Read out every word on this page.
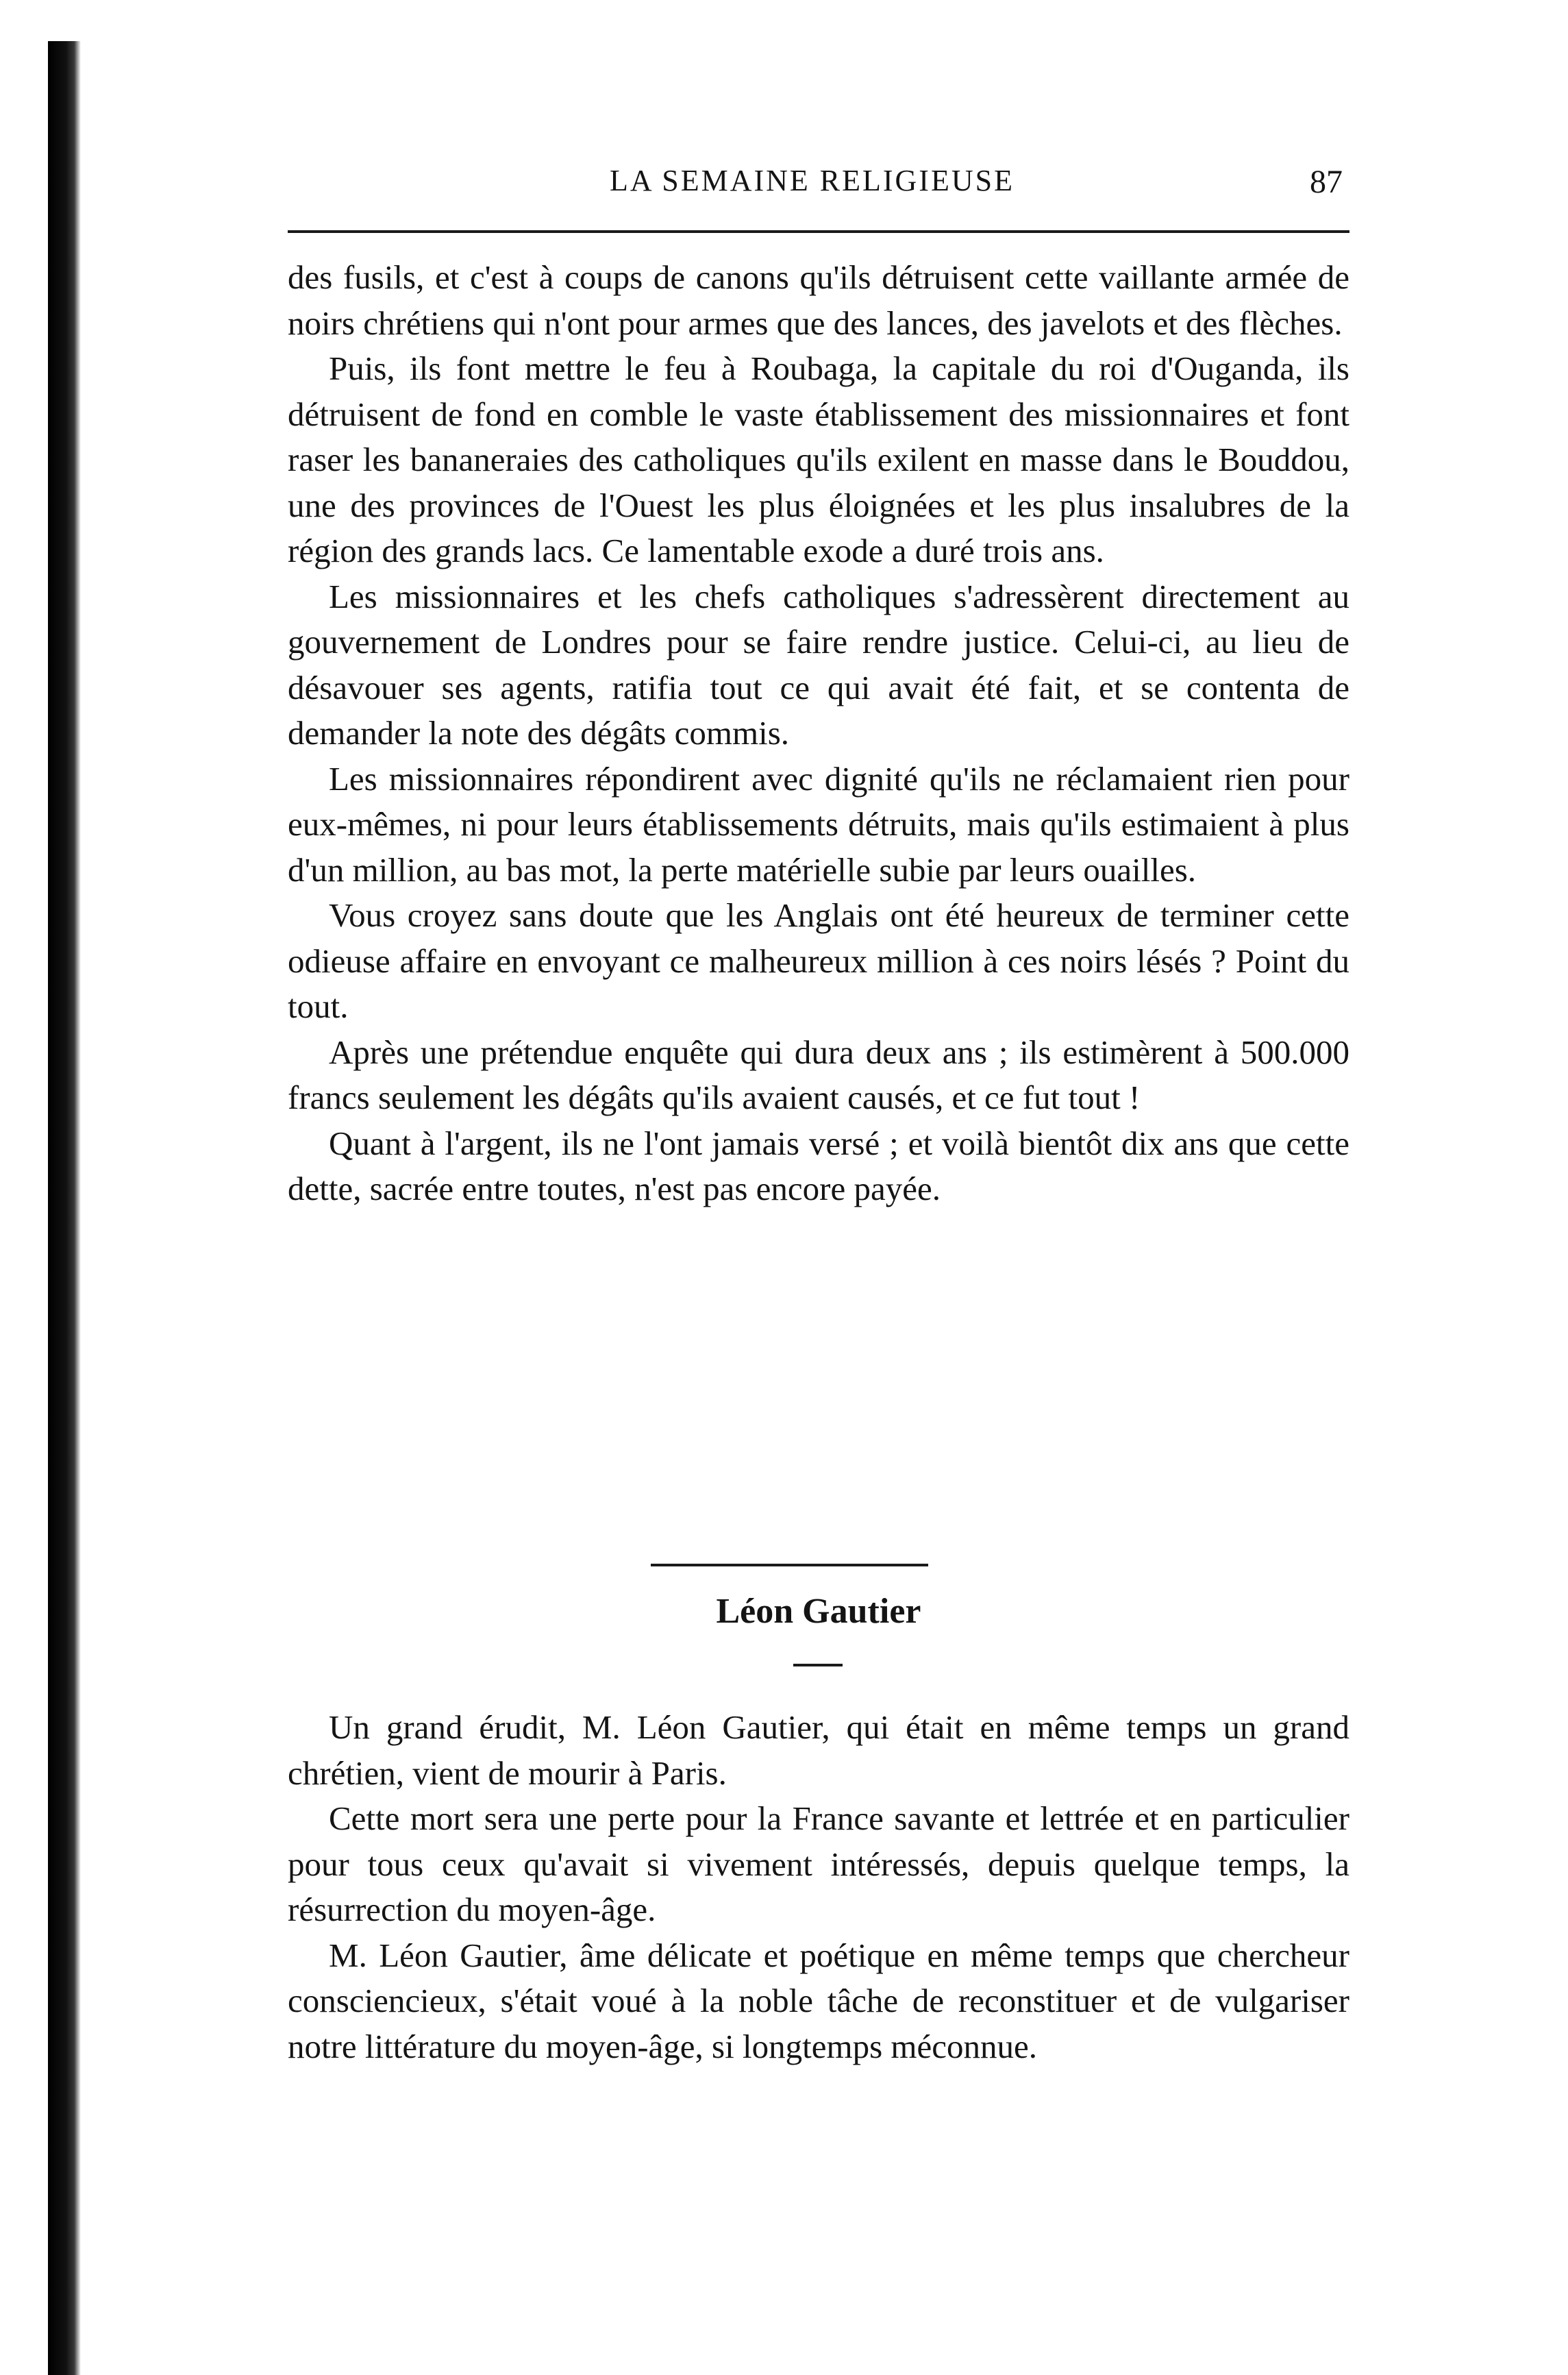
LA SEMAINE RELIGIEUSE	87

des fusils, et c'est à coups de canons qu'ils détruisent cette vaillante armée de noirs chrétiens qui n'ont pour armes que des lances, des javelots et des flèches.

Puis, ils font mettre le feu à Roubaga, la capitale du roi d'Ouganda, ils détruisent de fond en comble le vaste établissement des missionnaires et font raser les bananeraies des catholiques qu'ils exilent en masse dans le Bouddou, une des provinces de l'Ouest les plus éloignées et les plus insalubres de la région des grands lacs. Ce lamentable exode a duré trois ans.

Les missionnaires et les chefs catholiques s'adressèrent directement au gouvernement de Londres pour se faire rendre justice. Celui-ci, au lieu de désavouer ses agents, ratifia tout ce qui avait été fait, et se contenta de demander la note des dégâts commis.

Les missionnaires répondirent avec dignité qu'ils ne réclamaient rien pour eux-mêmes, ni pour leurs établissements détruits, mais qu'ils estimaient à plus d'un million, au bas mot, la perte matérielle subie par leurs ouailles.

Vous croyez sans doute que les Anglais ont été heureux de terminer cette odieuse affaire en envoyant ce malheureux million à ces noirs lésés ? Point du tout.

Après une prétendue enquête qui dura deux ans ; ils estimèrent à 500.000 francs seulement les dégâts qu'ils avaient causés, et ce fut tout !

Quant à l'argent, ils ne l'ont jamais versé ; et voilà bientôt dix ans que cette dette, sacrée entre toutes, n'est pas encore payée.

Léon Gautier

Un grand érudit, M. Léon Gautier, qui était en même temps un grand chrétien, vient de mourir à Paris.

Cette mort sera une perte pour la France savante et lettrée et en particulier pour tous ceux qu'avait si vivement intéressés, depuis quelque temps, la résurrection du moyen-âge.

M. Léon Gautier, âme délicate et poétique en même temps que chercheur consciencieux, s'était voué à la noble tâche de reconstituer et de vulgariser notre littérature du moyen-âge, si longtemps méconnue.
